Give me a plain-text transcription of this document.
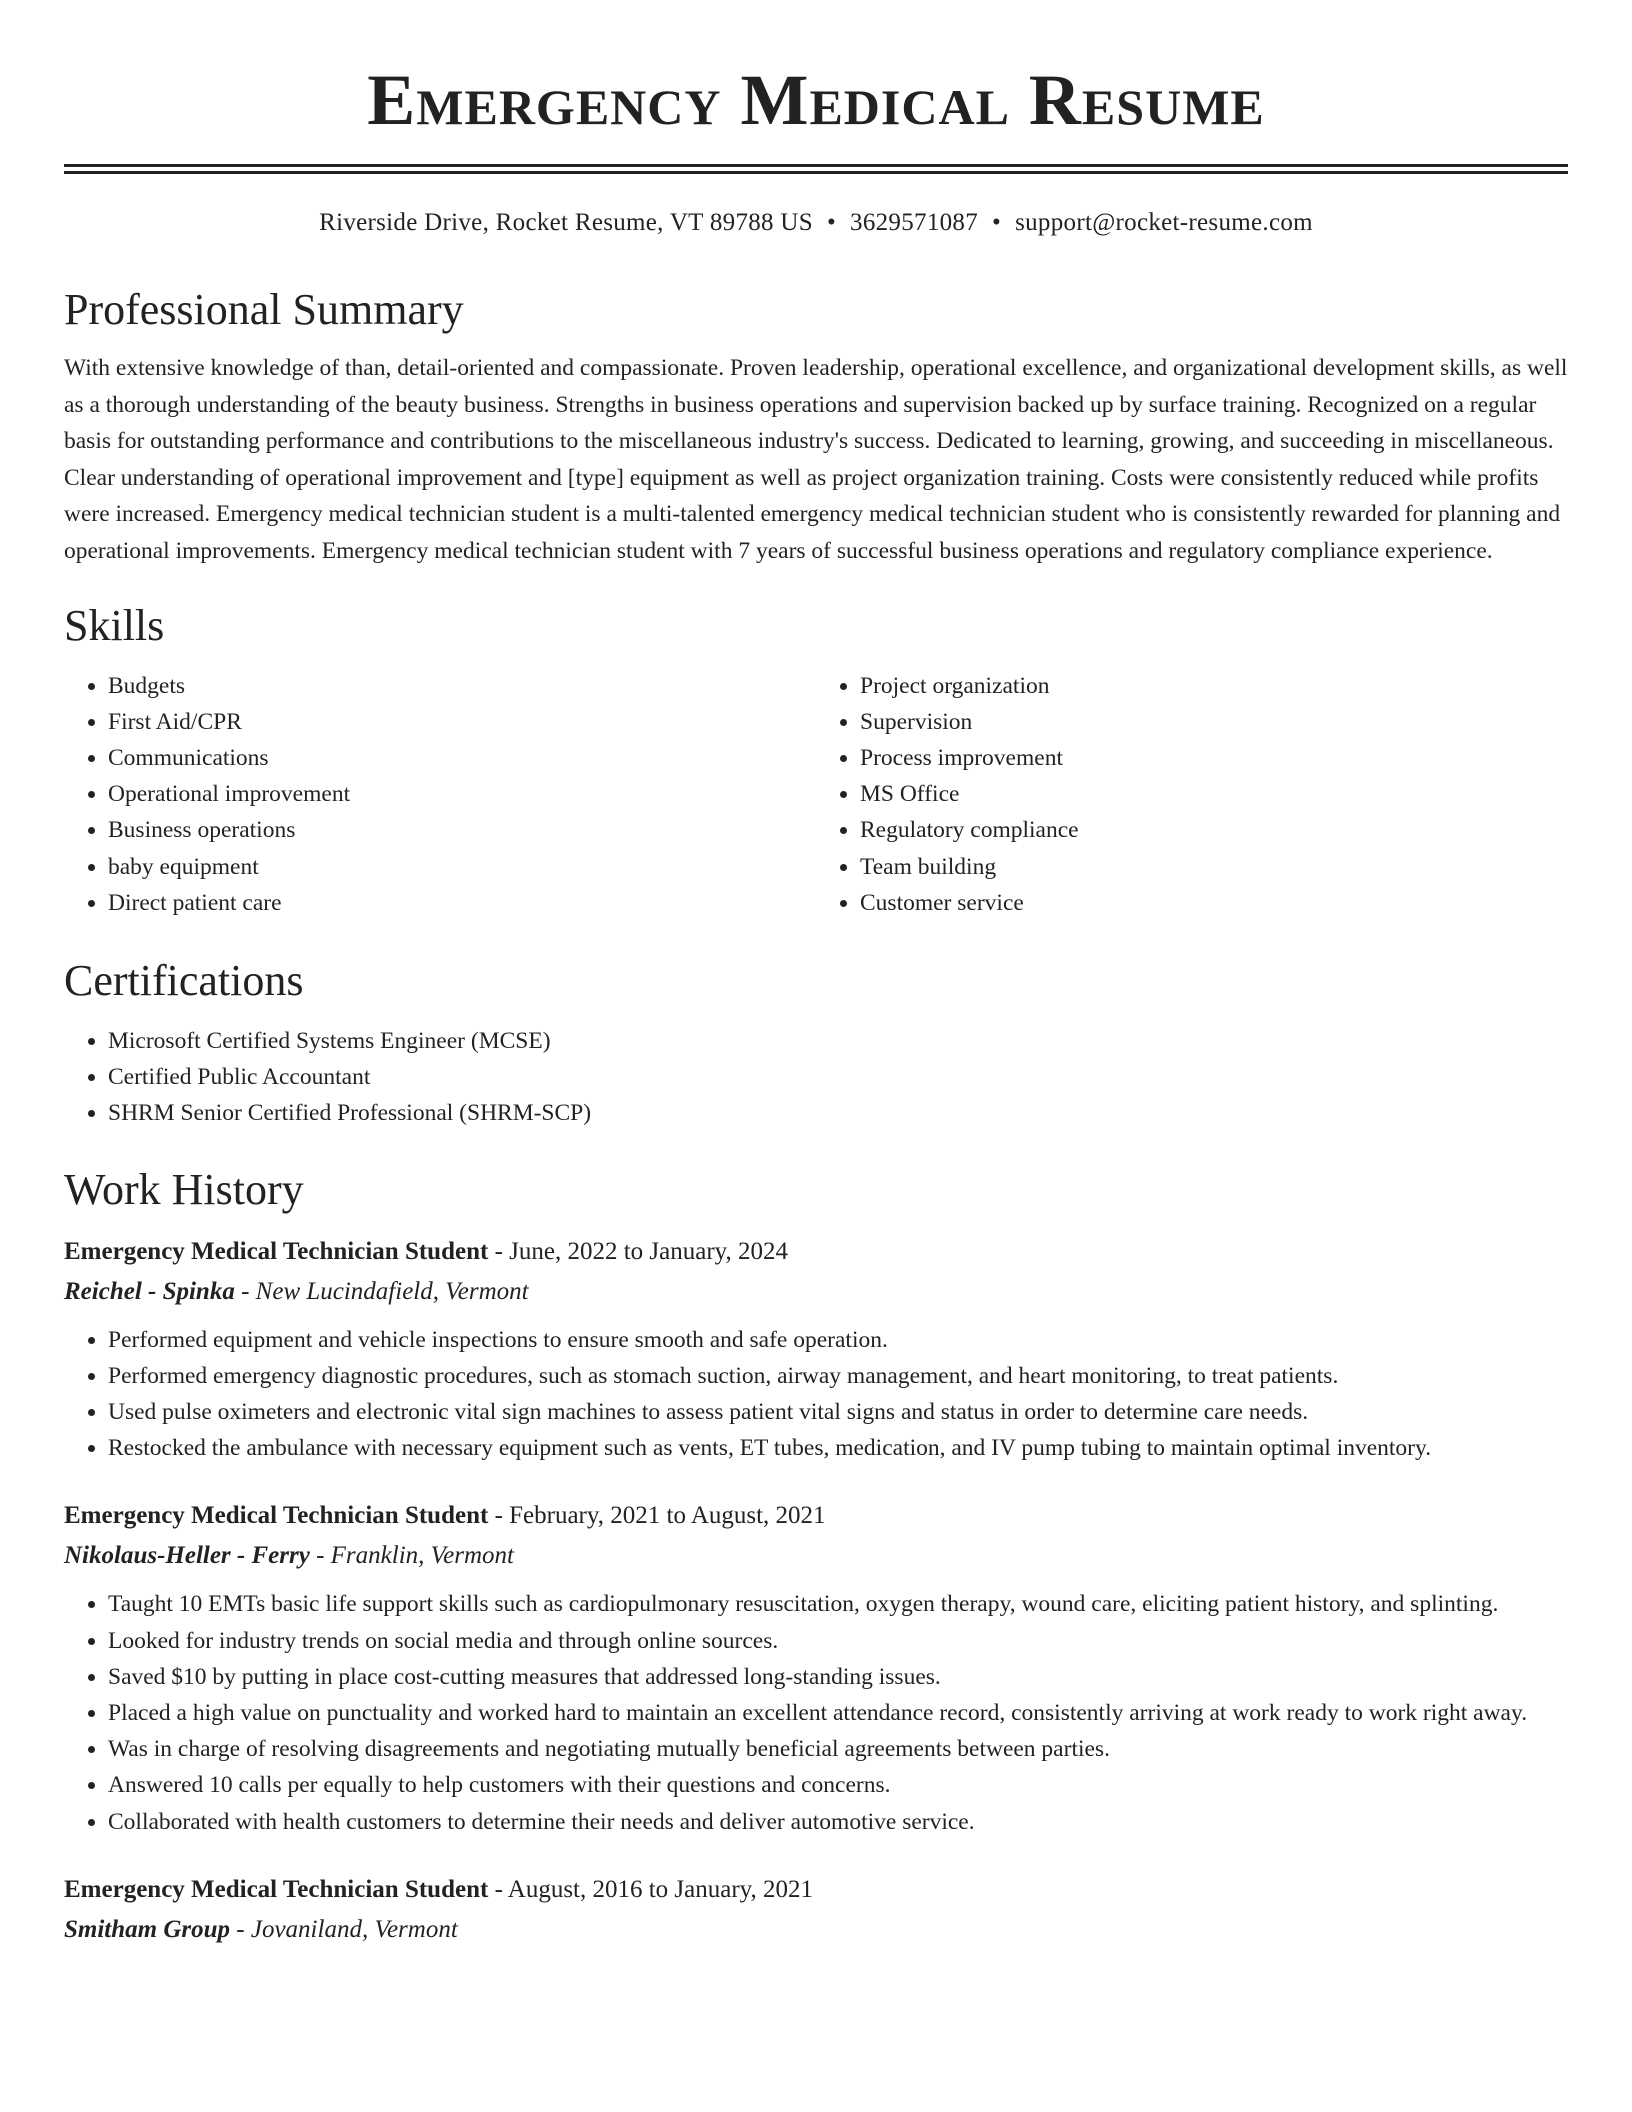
Emergency Medical Resume
Riverside Drive, Rocket Resume, VT 89788 US • 3629571087 • support@rocket-resume.com
Professional Summary

With extensive knowledge of than, detail-oriented and compassionate. Proven leadership, operational excellence, and organizational development skills, as well as a thorough understanding of the beauty business. Strengths in business operations and supervision backed up by surface training. Recognized on a regular basis for outstanding performance and contributions to the miscellaneous industry's success. Dedicated to learning, growing, and succeeding in miscellaneous. Clear understanding of operational improvement and [type] equipment as well as project organization training. Costs were consistently reduced while profits were increased. Emergency medical technician student is a multi-talented emergency medical technician student who is consistently rewarded for planning and operational improvements. Emergency medical technician student with 7 years of successful business operations and regulatory compliance experience.

Skills
• Budgets
• First Aid/CPR
• Communications
• Operational improvement
• Business operations
• baby equipment
• Direct patient care
• Project organization
• Supervision
• Process improvement
• MS Office
• Regulatory compliance
• Team building
• Customer service
Certifications
• Microsoft Certified Systems Engineer (MCSE)
• Certified Public Accountant
• SHRM Senior Certified Professional (SHRM-SCP)
Work History
Emergency Medical Technician Student - June, 2022 to January, 2024
Reichel - Spinka - New Lucindafield, Vermont
• Performed equipment and vehicle inspections to ensure smooth and safe operation.
• Performed emergency diagnostic procedures, such as stomach suction, airway management, and heart monitoring, to treat patients.
• Used pulse oximeters and electronic vital sign machines to assess patient vital signs and status in order to determine care needs.
• Restocked the ambulance with necessary equipment such as vents, ET tubes, medication, and IV pump tubing to maintain optimal inventory.
Emergency Medical Technician Student - February, 2021 to August, 2021
Nikolaus-Heller - Ferry - Franklin, Vermont
• Taught 10 EMTs basic life support skills such as cardiopulmonary resuscitation, oxygen therapy, wound care, eliciting patient history, and splinting.
• Looked for industry trends on social media and through online sources.
• Saved $10 by putting in place cost-cutting measures that addressed long-standing issues.
• Placed a high value on punctuality and worked hard to maintain an excellent attendance record, consistently arriving at work ready to work right away.
• Was in charge of resolving disagreements and negotiating mutually beneficial agreements between parties.
• Answered 10 calls per equally to help customers with their questions and concerns.
• Collaborated with health customers to determine their needs and deliver automotive service.
Emergency Medical Technician Student - August, 2016 to January, 2021
Smitham Group - Jovaniland, Vermont
